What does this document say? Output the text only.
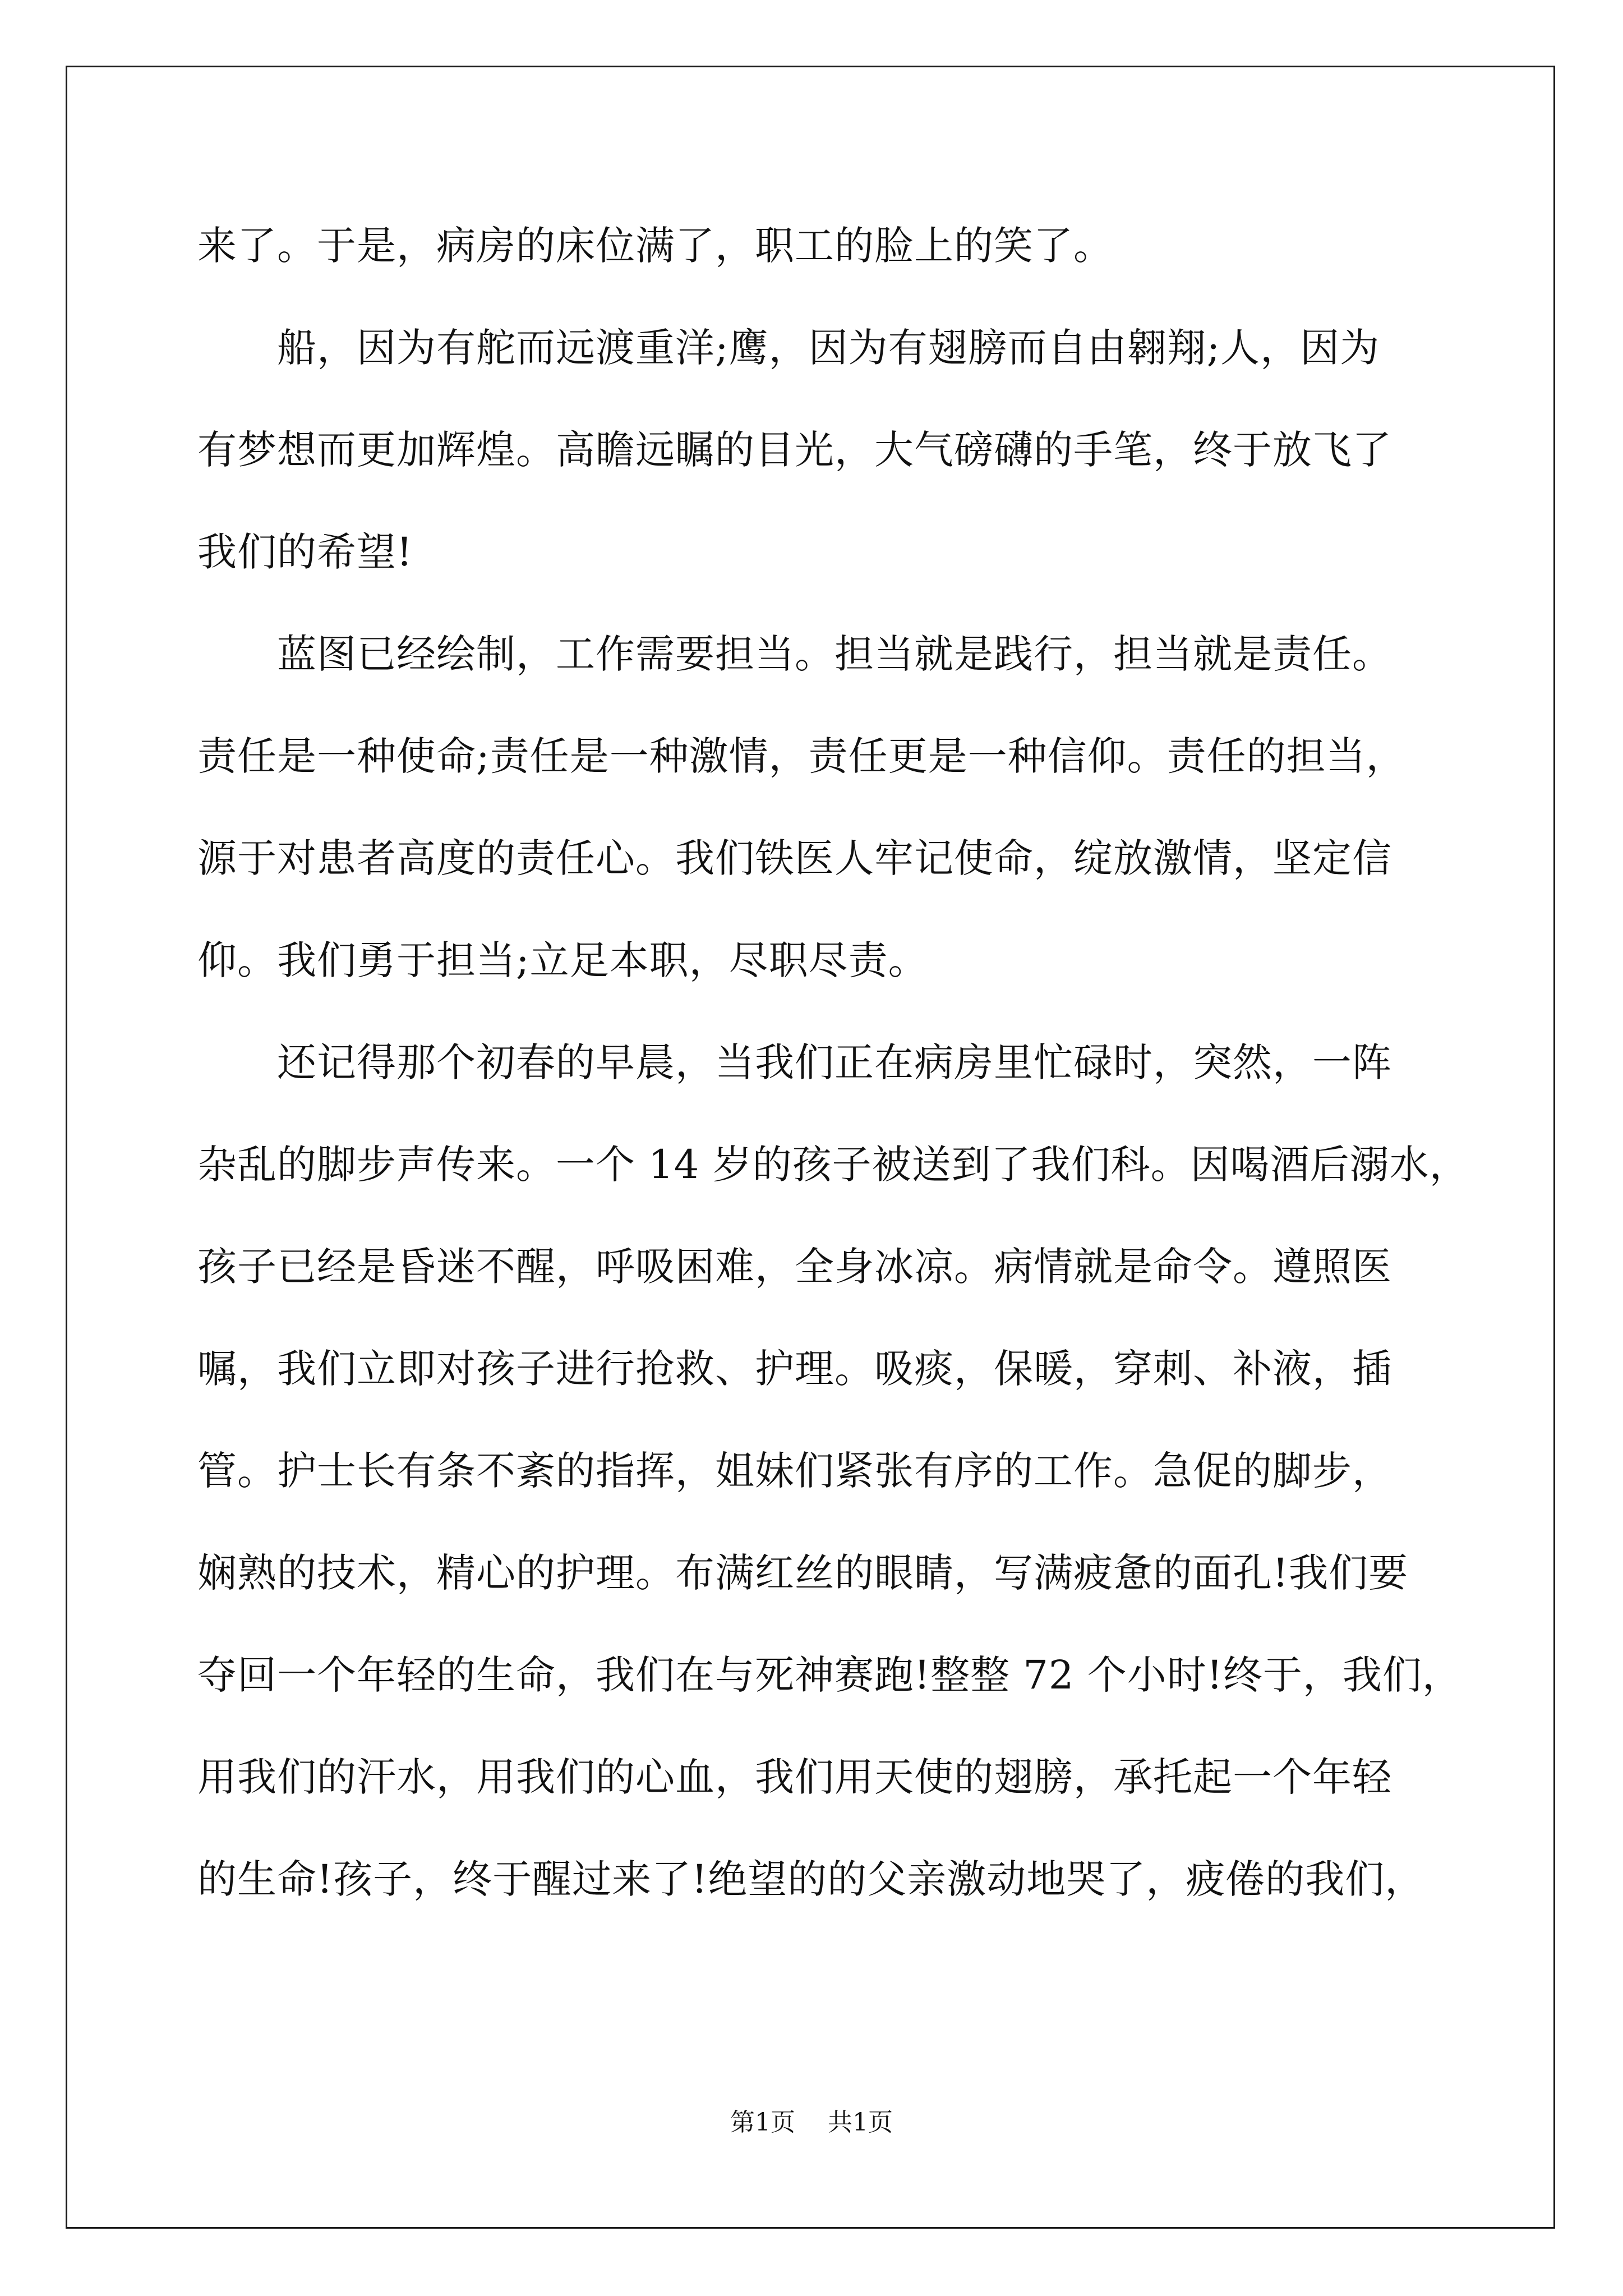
来了。于是，病房的床位满了，职工的脸上的笑了。
　　船，因为有舵而远渡重洋;鹰，因为有翅膀而自由翱翔;人，因为
有梦想而更加辉煌。高瞻远瞩的目光，大气磅礴的手笔，终于放飞了
我们的希望!
　　蓝图已经绘制，工作需要担当。担当就是践行，担当就是责任。
责任是一种使命;责任是一种激情，责任更是一种信仰。责任的担当，
源于对患者高度的责任心。我们铁医人牢记使命，绽放激情，坚定信
仰。我们勇于担当;立足本职，尽职尽责。
　　还记得那个初春的早晨，当我们正在病房里忙碌时，突然，一阵
杂乱的脚步声传来。一个 14 岁的孩子被送到了我们科。因喝酒后溺水，
孩子已经是昏迷不醒，呼吸困难，全身冰凉。病情就是命令。遵照医
嘱，我们立即对孩子进行抢救、护理。吸痰，保暖，穿刺、补液，插
管。护士长有条不紊的指挥，姐妹们紧张有序的工作。急促的脚步，
娴熟的技术，精心的护理。布满红丝的眼睛，写满疲惫的面孔!我们要
夺回一个年轻的生命，我们在与死神赛跑!整整 72 个小时!终于，我们，
用我们的汗水，用我们的心血，我们用天使的翅膀，承托起一个年轻
的生命!孩子，终于醒过来了!绝望的的父亲激动地哭了，疲倦的我们，
第1页　 共1页
